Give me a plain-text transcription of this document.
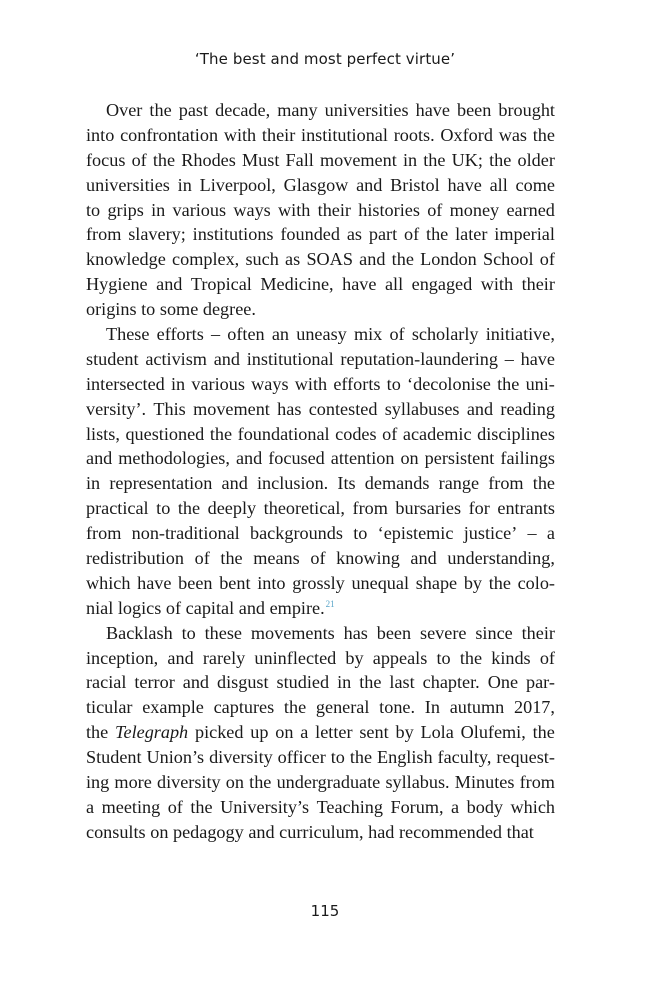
‘The best and most perfect virtue’
Over the past decade, many universities have been brought
into confrontation with their institutional roots. Oxford was the
focus of the Rhodes Must Fall movement in the UK; the older
universities in Liverpool, Glasgow and Bristol have all come
to grips in various ways with their histories of money earned
from slavery; institutions founded as part of the later imperial
knowledge complex, such as SOAS and the London School of
Hygiene and Tropical Medicine, have all engaged with their
origins to some degree.
These efforts – often an uneasy mix of scholarly initiative,
student activism and institutional reputation-laundering – have
intersected in various ways with efforts to ‘decolonise the uni-
versity’. This movement has contested syllabuses and reading
lists, questioned the foundational codes of academic disciplines
and methodologies, and focused attention on persistent failings
in representation and inclusion. Its demands range from the
practical to the deeply theoretical, from bursaries for entrants
from non-traditional backgrounds to ‘epistemic justice’ – a
redistribution of the means of knowing and understanding,
which have been bent into grossly unequal shape by the colo-
nial logics of capital and empire.$^{21}$
Backlash to these movements has been severe since their
inception, and rarely uninflected by appeals to the kinds of
racial terror and disgust studied in the last chapter. One par-
ticular example captures the general tone. In autumn 2017,
the Telegraph picked up on a letter sent by Lola Olufemi, the
Student Union’s diversity officer to the English faculty, request-
ing more diversity on the undergraduate syllabus. Minutes from
a meeting of the University’s Teaching Forum, a body which
consults on pedagogy and curriculum, had recommended that
115
